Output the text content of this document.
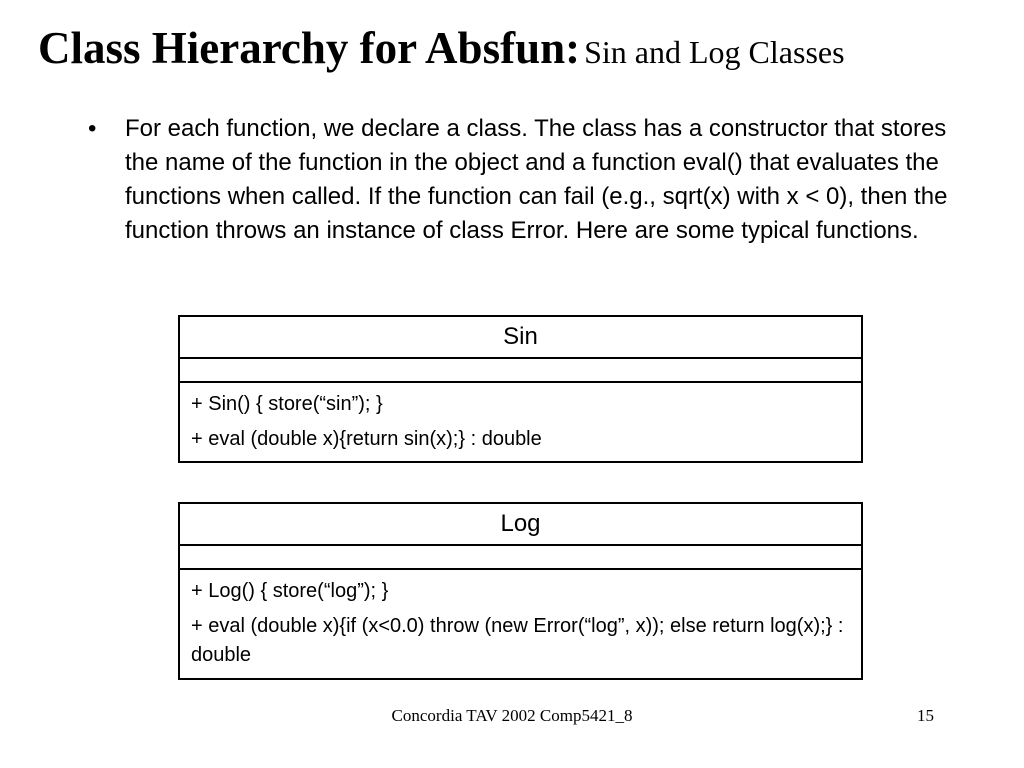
Class Hierarchy for Absfun: Sin and Log Classes
• For each function, we declare a class. The class has a constructor that stores the name of the function in the object and a function eval() that evaluates the functions when called. If the function can fail (e.g., sqrt(x) with x < 0), then the function throws an instance of class Error. Here are some typical functions.
Sin
+ Sin() { store(“sin”); }
+ eval (double x){return sin(x);} : double
Log
+ Log() { store(“log”); }
+ eval (double x){if (x<0.0) throw (new Error(“log”, x)); else return log(x);} : double
Concordia TAV 2002 Comp5421_8	15
